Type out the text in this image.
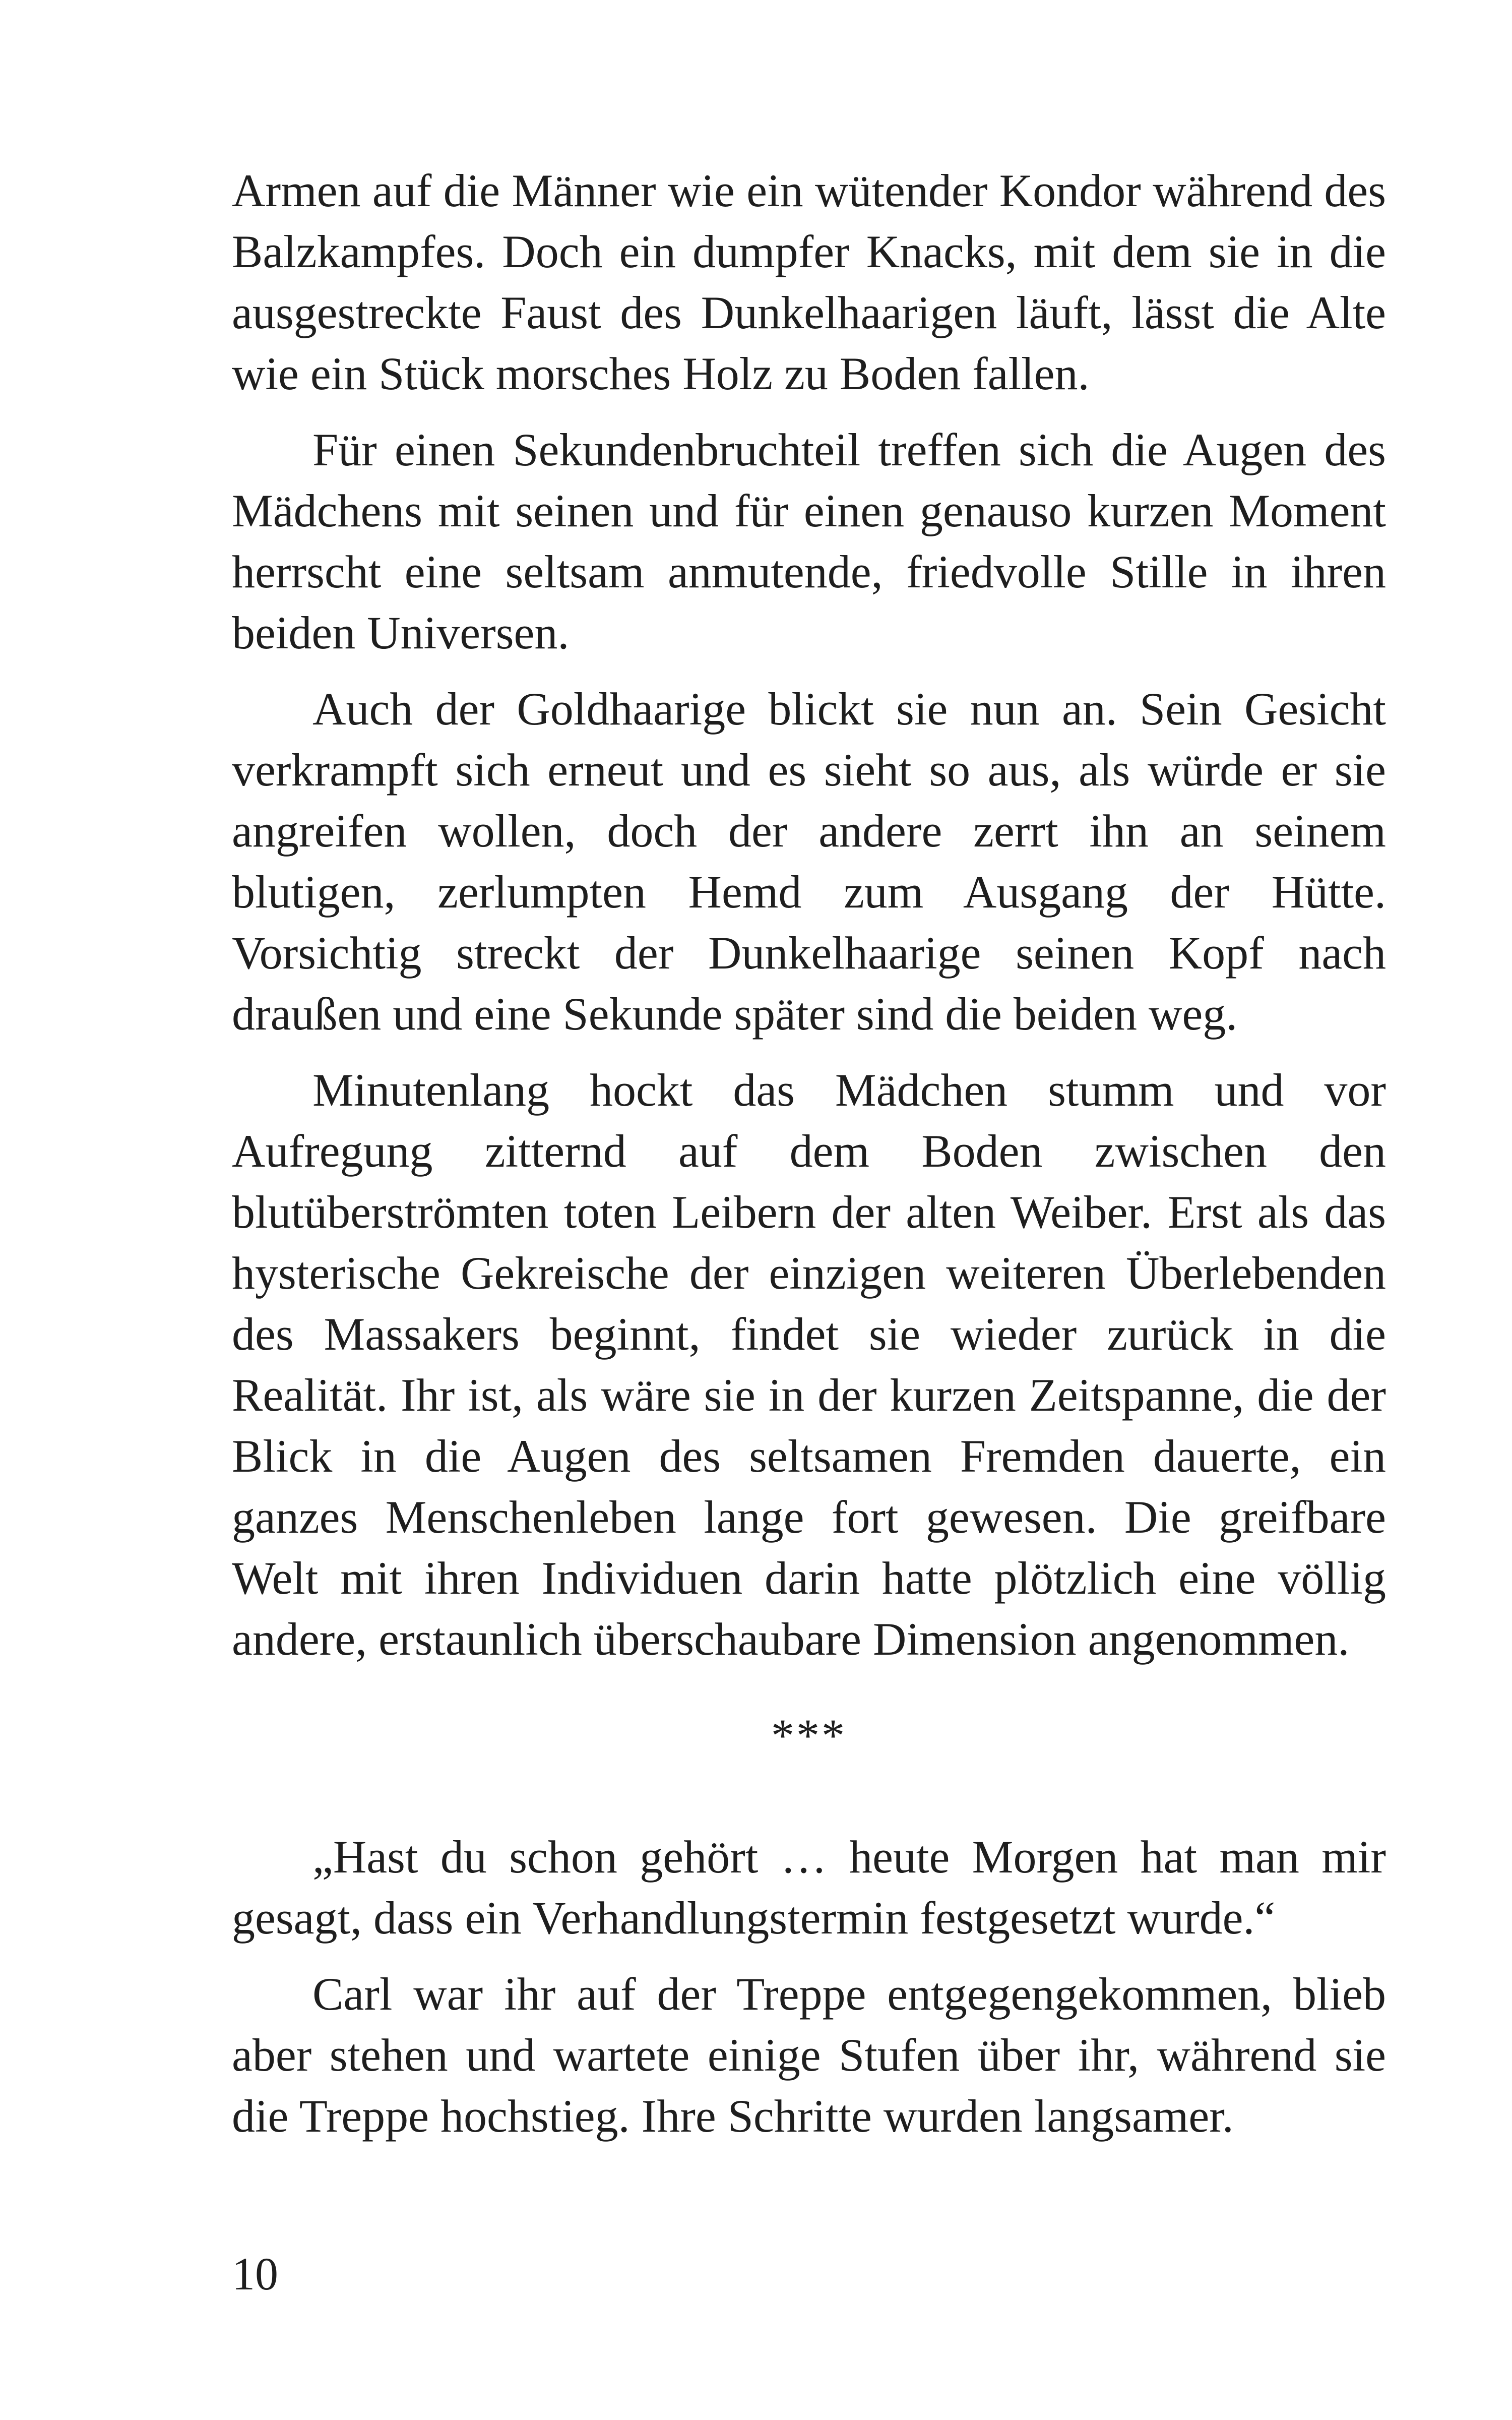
Armen auf die Männer wie ein wütender Kondor während des Balzkampfes. Doch ein dumpfer Knacks, mit dem sie in die ausgestreckte Faust des Dunkelhaarigen läuft, lässt die Alte wie ein Stück morsches Holz zu Boden fallen.

Für einen Sekundenbruchteil treffen sich die Augen des Mädchens mit seinen und für einen genauso kurzen Moment herrscht eine seltsam anmutende, friedvolle Stille in ihren beiden Universen.

Auch der Goldhaarige blickt sie nun an. Sein Gesicht verkrampft sich erneut und es sieht so aus, als würde er sie angreifen wollen, doch der andere zerrt ihn an seinem blutigen, zerlumpten Hemd zum Ausgang der Hütte. Vorsichtig streckt der Dunkelhaarige seinen Kopf nach draußen und eine Sekunde später sind die beiden weg.

Minutenlang hockt das Mädchen stumm und vor Aufregung zitternd auf dem Boden zwischen den blutüberströmten toten Leibern der alten Weiber. Erst als das hysterische Gekreische der einzigen weiteren Überlebenden des Massakers beginnt, findet sie wieder zurück in die Realität. Ihr ist, als wäre sie in der kurzen Zeitspanne, die der Blick in die Augen des seltsamen Fremden dauerte, ein ganzes Menschenleben lange fort gewesen. Die greifbare Welt mit ihren Individuen darin hatte plötzlich eine völlig andere, erstaunlich überschaubare Dimension angenommen.

***

„Hast du schon gehört … heute Morgen hat man mir gesagt, dass ein Verhandlungstermin festgesetzt wurde.“

Carl war ihr auf der Treppe entgegengekommen, blieb aber stehen und wartete einige Stufen über ihr, während sie die Treppe hochstieg. Ihre Schritte wurden langsamer.

10
